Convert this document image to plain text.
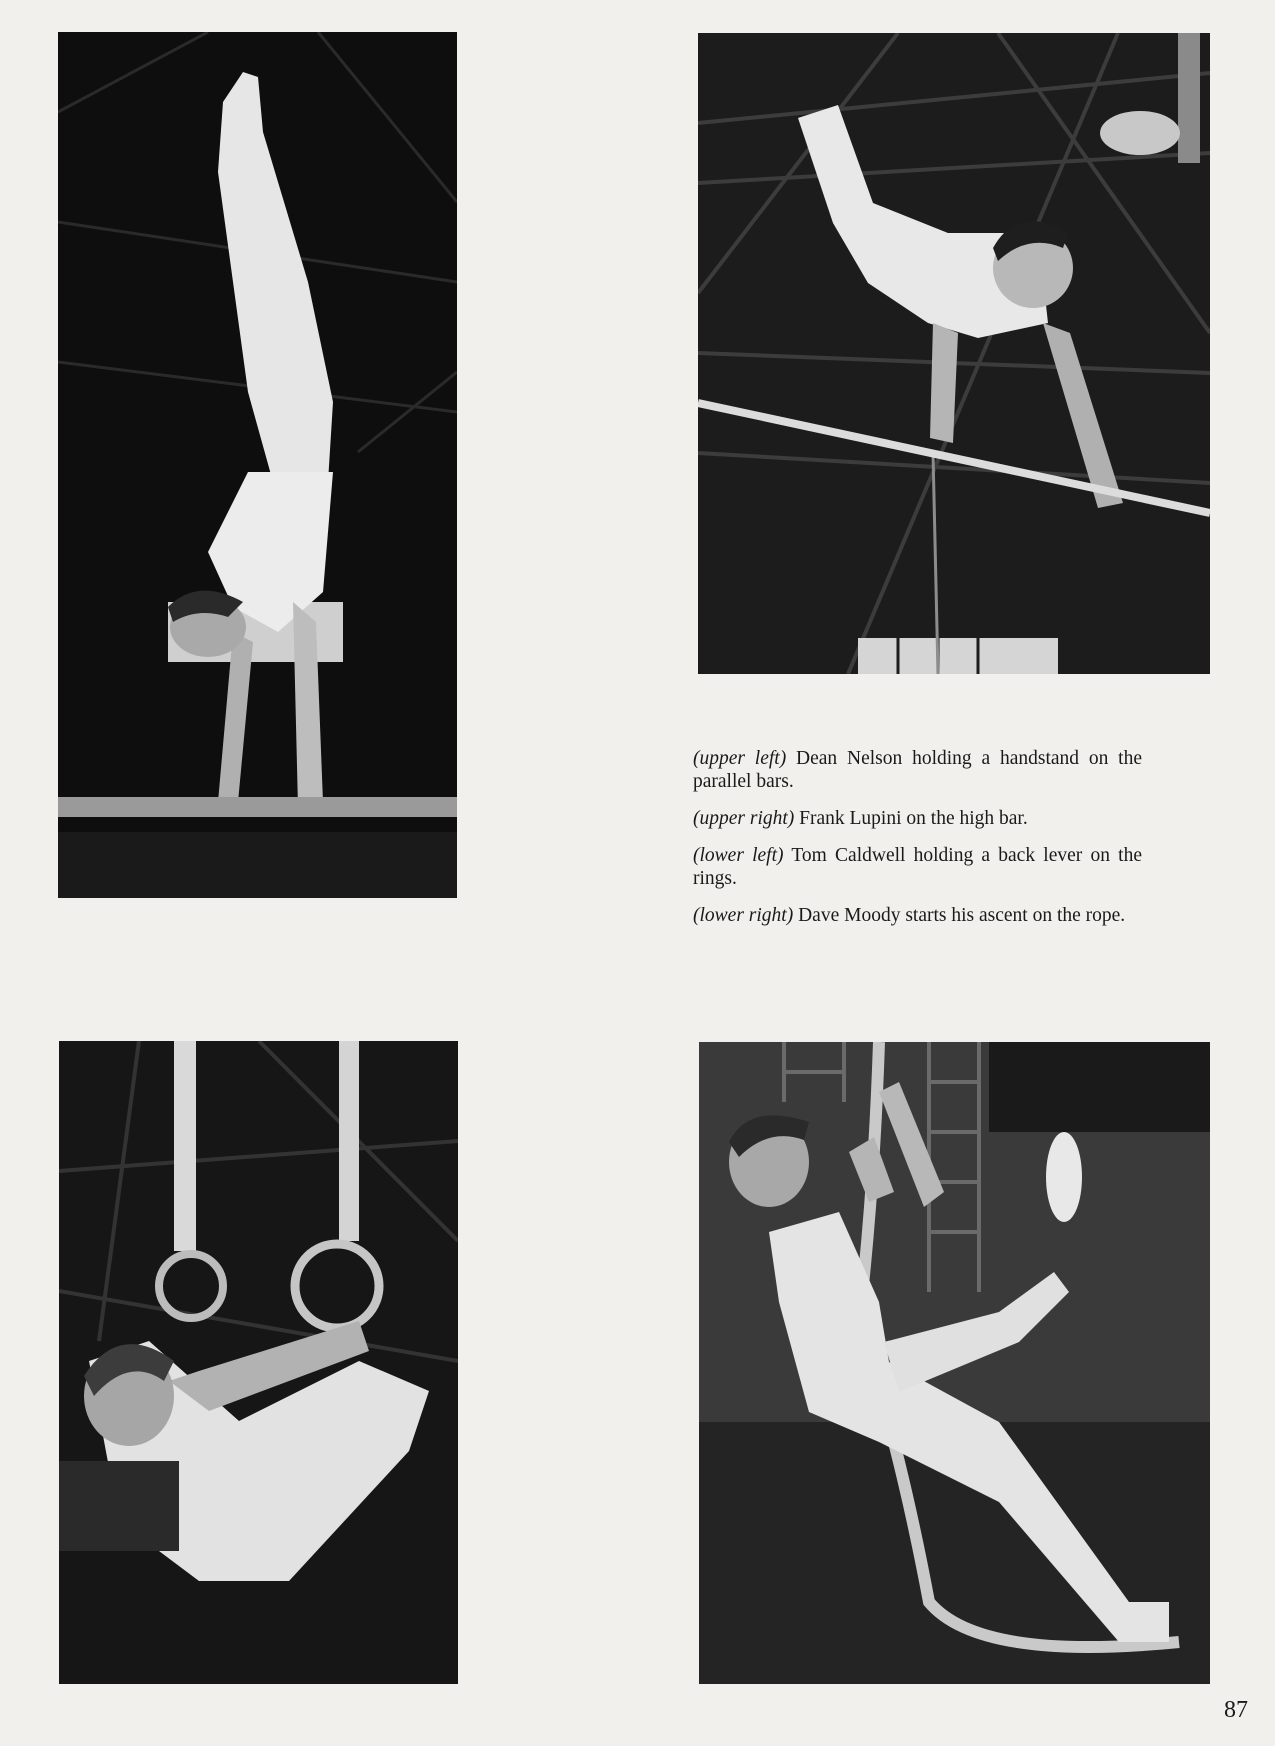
(upper left) Dean Nelson holding a handstand on the parallel bars.

(upper right) Frank Lupini on the high bar.

(lower left) Tom Caldwell holding a back lever on the rings.

(lower right) Dave Moody starts his ascent on the rope.

87
